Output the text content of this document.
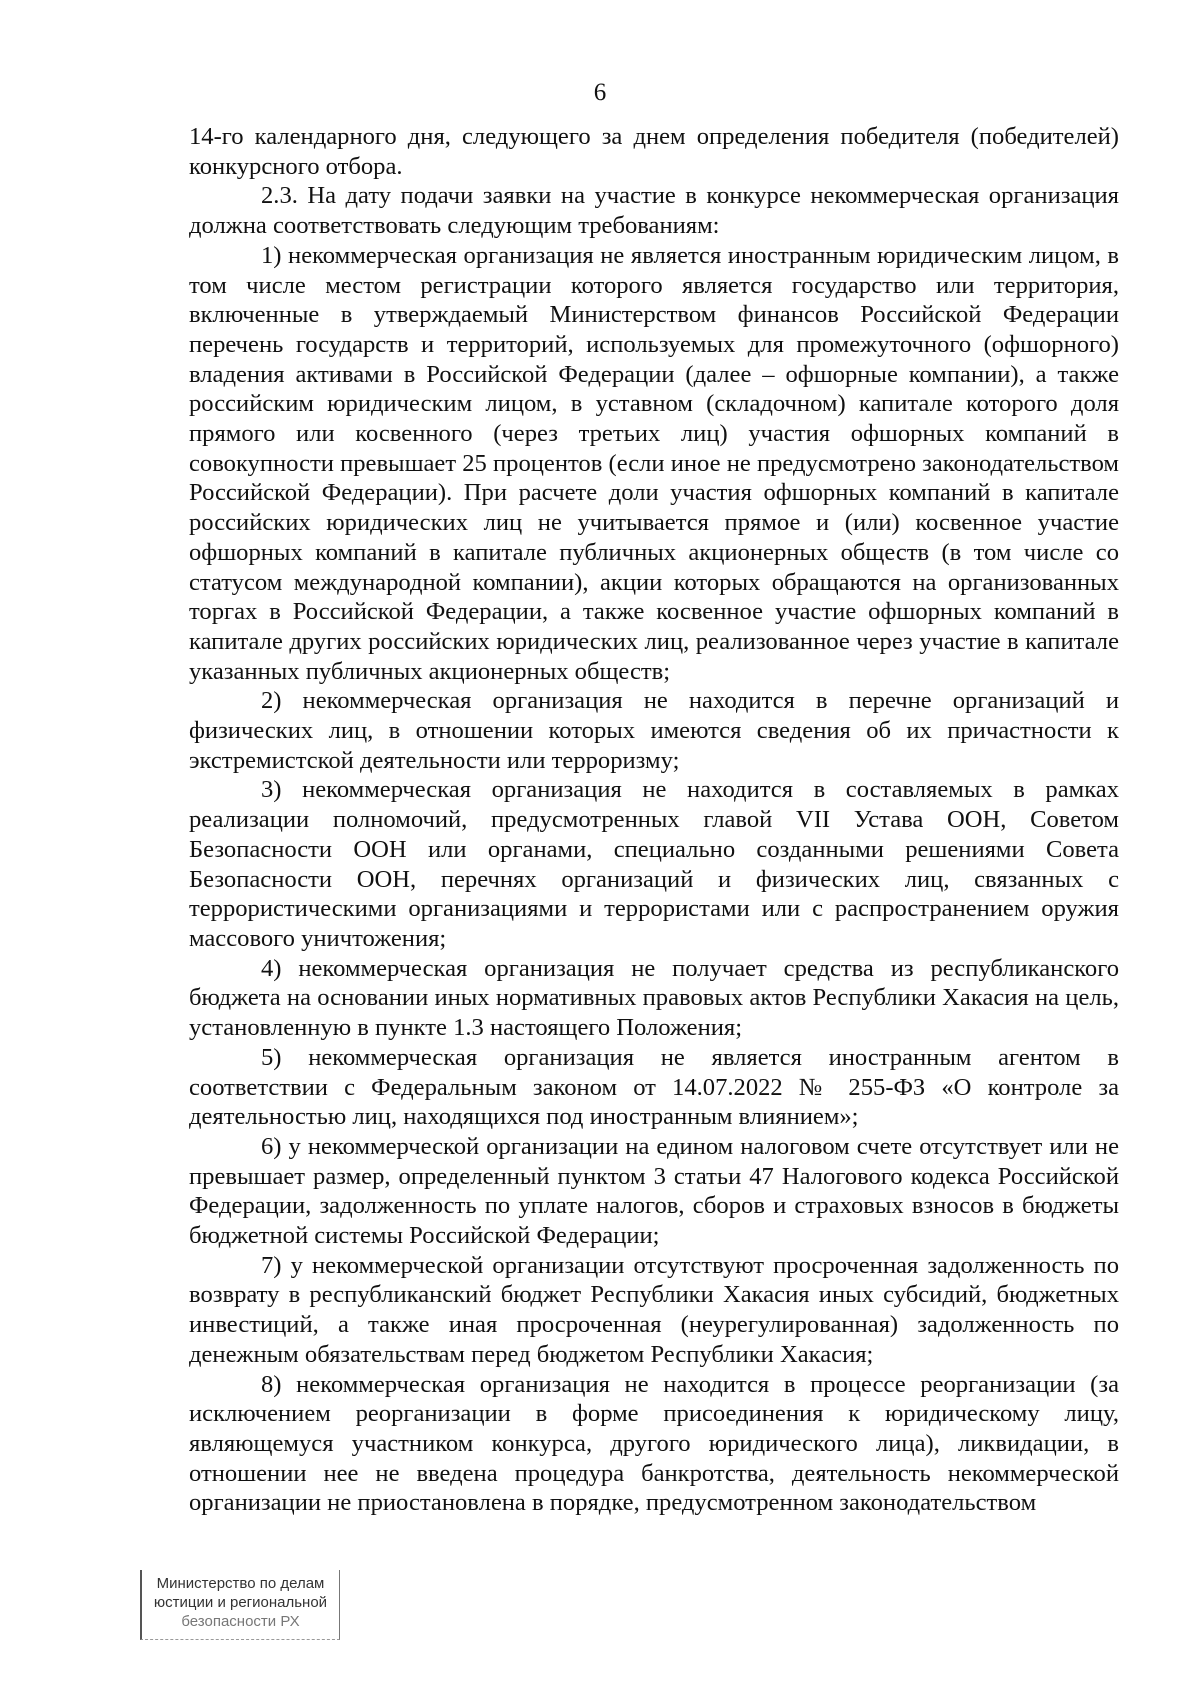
6

14-го календарного дня, следующего за днем определения победителя (победителей) конкурсного отбора.

2.3. На дату подачи заявки на участие в конкурсе некоммерческая организация должна соответствовать следующим требованиям:

1) некоммерческая организация не является иностранным юридическим лицом, в том числе местом регистрации которого является государство или территория, включенные в утверждаемый Министерством финансов Российской Федерации перечень государств и территорий, используемых для промежуточного (офшорного) владения активами в Российской Федерации (далее – офшорные компании), а также российским юридическим лицом, в уставном (складочном) капитале которого доля прямого или косвенного (через третьих лиц) участия офшорных компаний в совокупности превышает 25 процентов (если иное не предусмотрено законодательством Российской Федерации). При расчете доли участия офшорных компаний в капитале российских юридических лиц не учитывается прямое и (или) косвенное участие офшорных компаний в капитале публичных акционерных обществ (в том числе со статусом международной компании), акции которых обращаются на организованных торгах в Российской Федерации, а также косвенное участие офшорных компаний в капитале других российских юридических лиц, реализованное через участие в капитале указанных публичных акционерных обществ;

2) некоммерческая организация не находится в перечне организаций и физических лиц, в отношении которых имеются сведения об их причастности к экстремистской деятельности или терроризму;

3) некоммерческая организация не находится в составляемых в рамках реализации полномочий, предусмотренных главой VII Устава ООН, Советом Безопасности ООН или органами, специально созданными решениями Совета Безопасности ООН, перечнях организаций и физических лиц, связанных с террористическими организациями и террористами или с распространением оружия массового уничтожения;

4) некоммерческая организация не получает средства из республиканского бюджета на основании иных нормативных правовых актов Республики Хакасия на цель, установленную в пункте 1.3 настоящего Положения;

5) некоммерческая организация не является иностранным агентом в соответствии с Федеральным законом от 14.07.2022 № 255-ФЗ «О контроле за деятельностью лиц, находящихся под иностранным влиянием»;

6) у некоммерческой организации на едином налоговом счете отсутствует или не превышает размер, определенный пунктом 3 статьи 47 Налогового кодекса Российской Федерации, задолженность по уплате налогов, сборов и страховых взносов в бюджеты бюджетной системы Российской Федерации;

7) у некоммерческой организации отсутствуют просроченная задолженность по возврату в республиканский бюджет Республики Хакасия иных субсидий, бюджетных инвестиций, а также иная просроченная (неурегулированная) задолженность по денежным обязательствам перед бюджетом Республики Хакасия;

8) некоммерческая организация не находится в процессе реорганизации (за исключением реорганизации в форме присоединения к юридическому лицу, являющемуся участником конкурса, другого юридического лица), ликвидации, в отношении нее не введена процедура банкротства, деятельность некоммерческой организации не приостановлена в порядке, предусмотренном законодательством

Министерство по делам
юстиции и региональной
безопасности РХ
